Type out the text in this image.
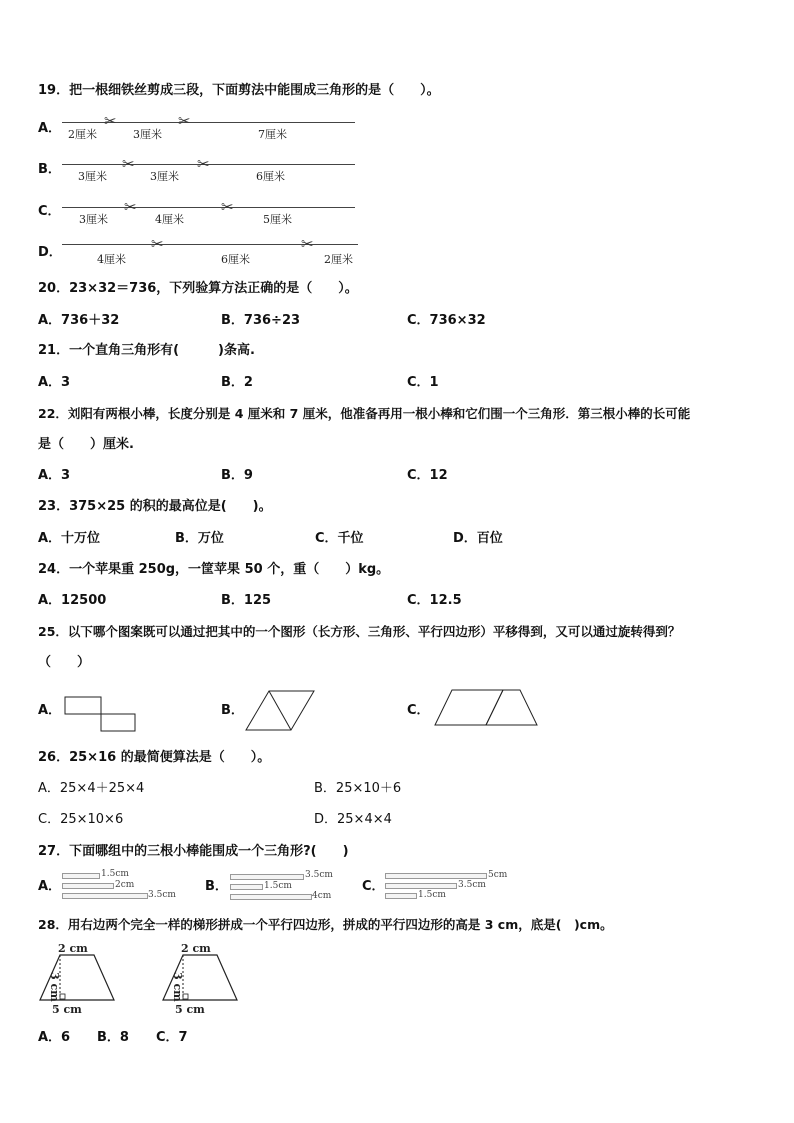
19．把一根细铁丝剪成三段，下面剪法中能围成三角形的是（　　）。
A．	✂	✂
2厘米	3厘米	7厘米
B．	✂	✂
3厘米	3厘米	6厘米
C．	✂	✂
3厘米	4厘米	5厘米
D．	✂	✂
4厘米	6厘米	2厘米
20．23×32＝736，下列验算方法正确的是（　　）。
A．736＋32	B．736÷23	C．736×32
21．一个直角三角形有(　　　)条高.
A．3	B．2	C．1
22．刘阳有两根小棒，长度分别是 4 厘米和 7 厘米，他准备再用一根小棒和它们围一个三角形．第三根小棒的长可能
是（　　）厘米.
A．3	B．9	C．12
23．375×25 的积的最高位是(　　)。
A．十万位	B．万位	C．千位	D．百位
24．一个苹果重 250g，一筐苹果 50 个，重（　　）kg。
A．12500	B．125	C．12.5
25．以下哪个图案既可以通过把其中的一个图形（长方形、三角形、平行四边形）平移得到，又可以通过旋转得到？
（　　）
A．	B．	C．
26．25×16 的最简便算法是（　　）。
A．25×4＋25×4	B．25×10＋6
C．25×10×6	D．25×4×4
27．下面哪组中的三根小棒能围成一个三角形?(　　)
A．
1.5cm
2cm
3.5cm
B．
3.5cm
1.5cm
4cm
C．
5cm
3.5cm
1.5cm
28．用右边两个完全一样的梯形拼成一个平行四边形，拼成的平行四边形的高是 3 cm，底是(　)cm。
2 cm
3 cm
5 cm
2 cm
3 cm
5 cm
A．6 B．8 C．7
